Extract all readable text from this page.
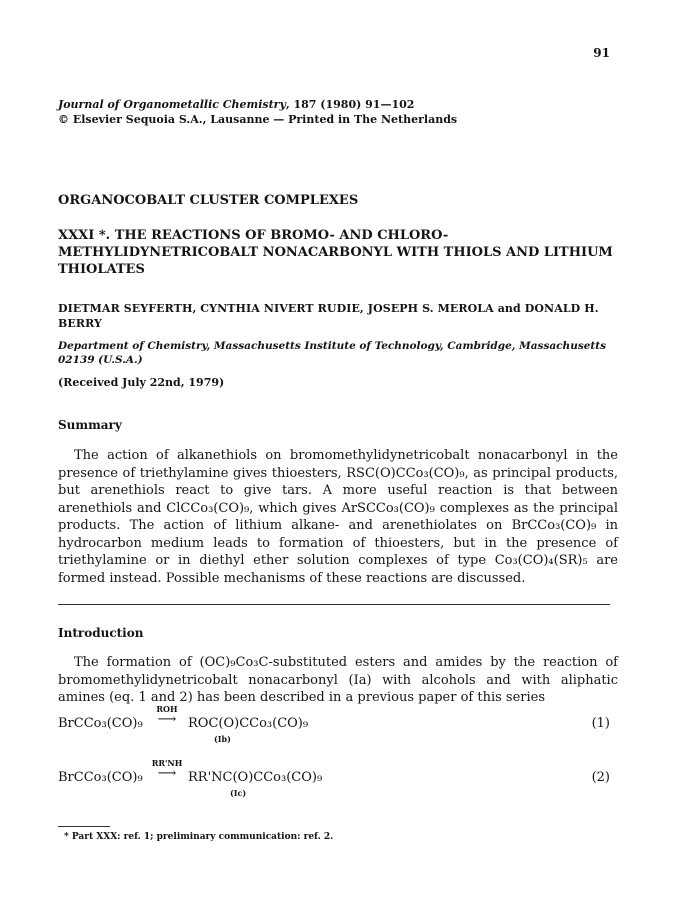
91
Journal of Organometallic Chemistry, 187 (1980) 91—102
© Elsevier Sequoia S.A., Lausanne — Printed in The Netherlands
ORGANOCOBALT CLUSTER COMPLEXES
XXXI *. THE REACTIONS OF BROMO- AND CHLORO-METHYLIDYNETRICOBALT NONACARBONYL WITH THIOLS AND LITHIUM THIOLATES
DIETMAR SEYFERTH, CYNTHIA NIVERT RUDIE, JOSEPH S. MEROLA and DONALD H. BERRY
Department of Chemistry, Massachusetts Institute of Technology, Cambridge, Massachusetts 02139 (U.S.A.)
(Received July 22nd, 1979)
Summary
The action of alkanethiols on bromomethylidynetricobalt nonacarbonyl in the presence of triethylamine gives thioesters, RSC(O)CCo₃(CO)₉, as principal products, but arenethiols react to give tars. A more useful reaction is that between arenethiols and ClCCo₃(CO)₉, which gives ArSCCo₃(CO)₉ complexes as the principal products. The action of lithium alkane- and arenethiolates on BrCCo₃(CO)₉ in hydrocarbon medium leads to formation of thioesters, but in the presence of triethylamine or in diethyl ether solution complexes of type Co₃(CO)₄(SR)₅ are formed instead. Possible mechanisms of these reactions are discussed.
Introduction
The formation of (OC)₉Co₃C-substituted esters and amides by the reaction of bromomethylidynetricobalt nonacarbonyl (Ia) with alcohols and with aliphatic amines (eq. 1 and 2) has been described in a previous paper of this series
BrCCo₃(CO)₉
ROH
⟶ ROC(O)CCo₃(CO)₉
(Ib)
(1)
BrCCo₃(CO)₉
RR'NH
⟶ RR'NC(O)CCo₃(CO)₉
(Ic)
(2)
* Part XXX: ref. 1; preliminary communication: ref. 2.
